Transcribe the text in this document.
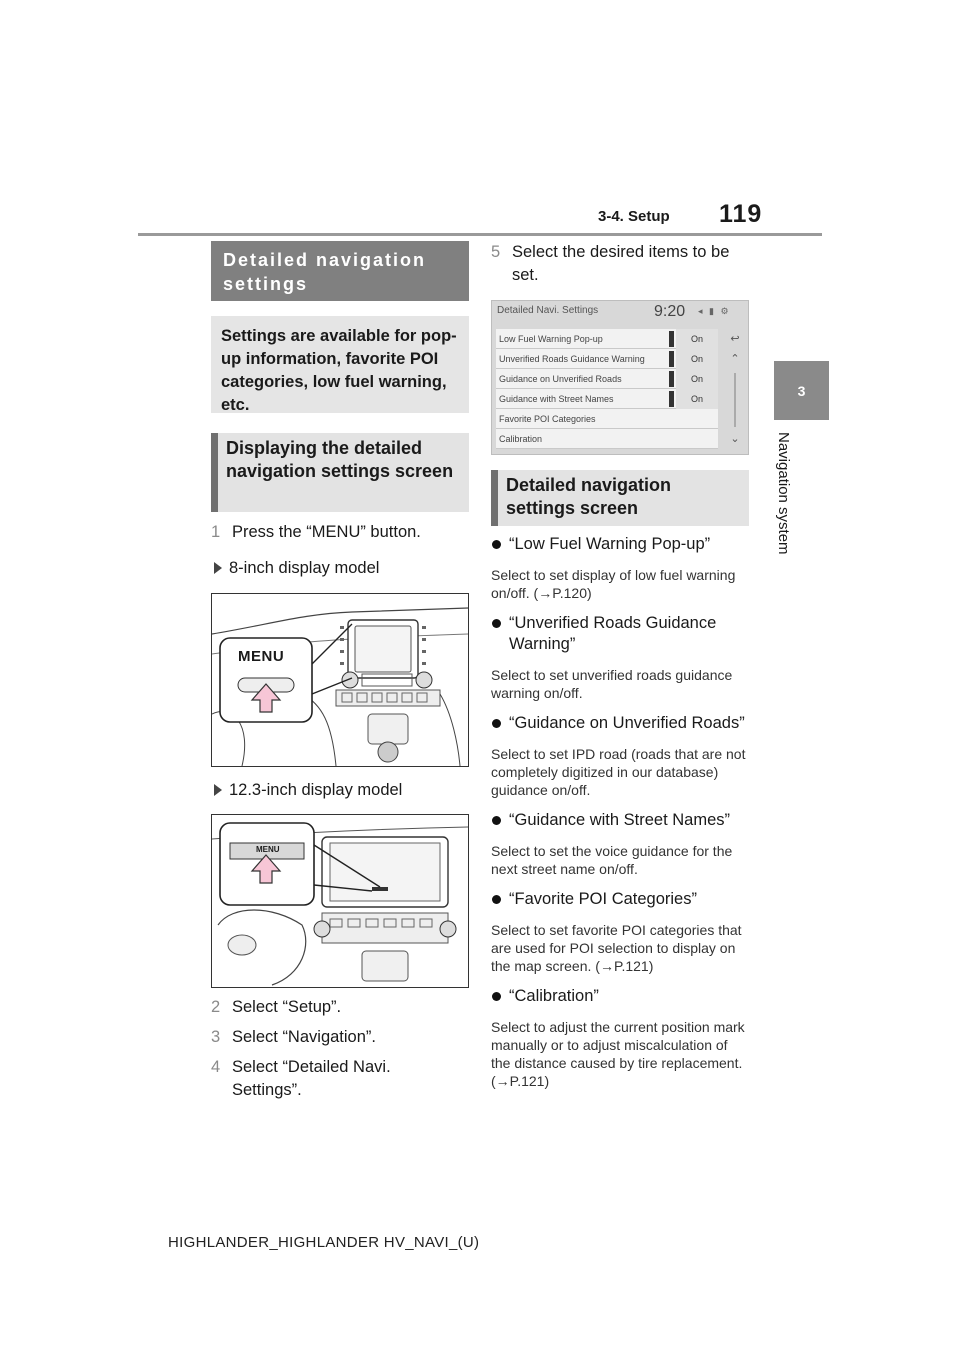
3-4. Setup 119
3
Navigation system
Detailed navigation settings
Settings are available for pop-up information, favorite POI categories, low fuel warning, etc.
Displaying the detailed navigation settings screen
1 Press the “MENU” button.
8-inch display model
MENU
12.3-inch display model
MENU
2 Select “Setup”.
3 Select “Navigation”.
4 Select “Detailed Navi. Settings”.
5 Select the desired items to be set.
Detailed Navi. Settings	9:20 ◂ ▮ ⚙
Low Fuel Warning Pop-up	On
Unverified Roads Guidance Warning	On
Guidance on Unverified Roads	On
Guidance with Street Names	On
Favorite POI Categories
Calibration
↩
⌃
⌄
Detailed navigation settings screen
“Low Fuel Warning Pop-up”
Select to set display of low fuel warning on/off. (→P.120)
“Unverified Roads Guidance Warning”
Select to set unverified roads guidance warning on/off.
“Guidance on Unverified Roads”
Select to set IPD road (roads that are not completely digitized in our database) guidance on/off.
“Guidance with Street Names”
Select to set the voice guidance for the next street name on/off.
“Favorite POI Categories”
Select to set favorite POI categories that are used for POI selection to display on the map screen. (→P.121)
“Calibration”
Select to adjust the current position mark manually or to adjust miscalculation of the distance caused by tire replacement. (→P.121)
HIGHLANDER_HIGHLANDER HV_NAVI_(U)
